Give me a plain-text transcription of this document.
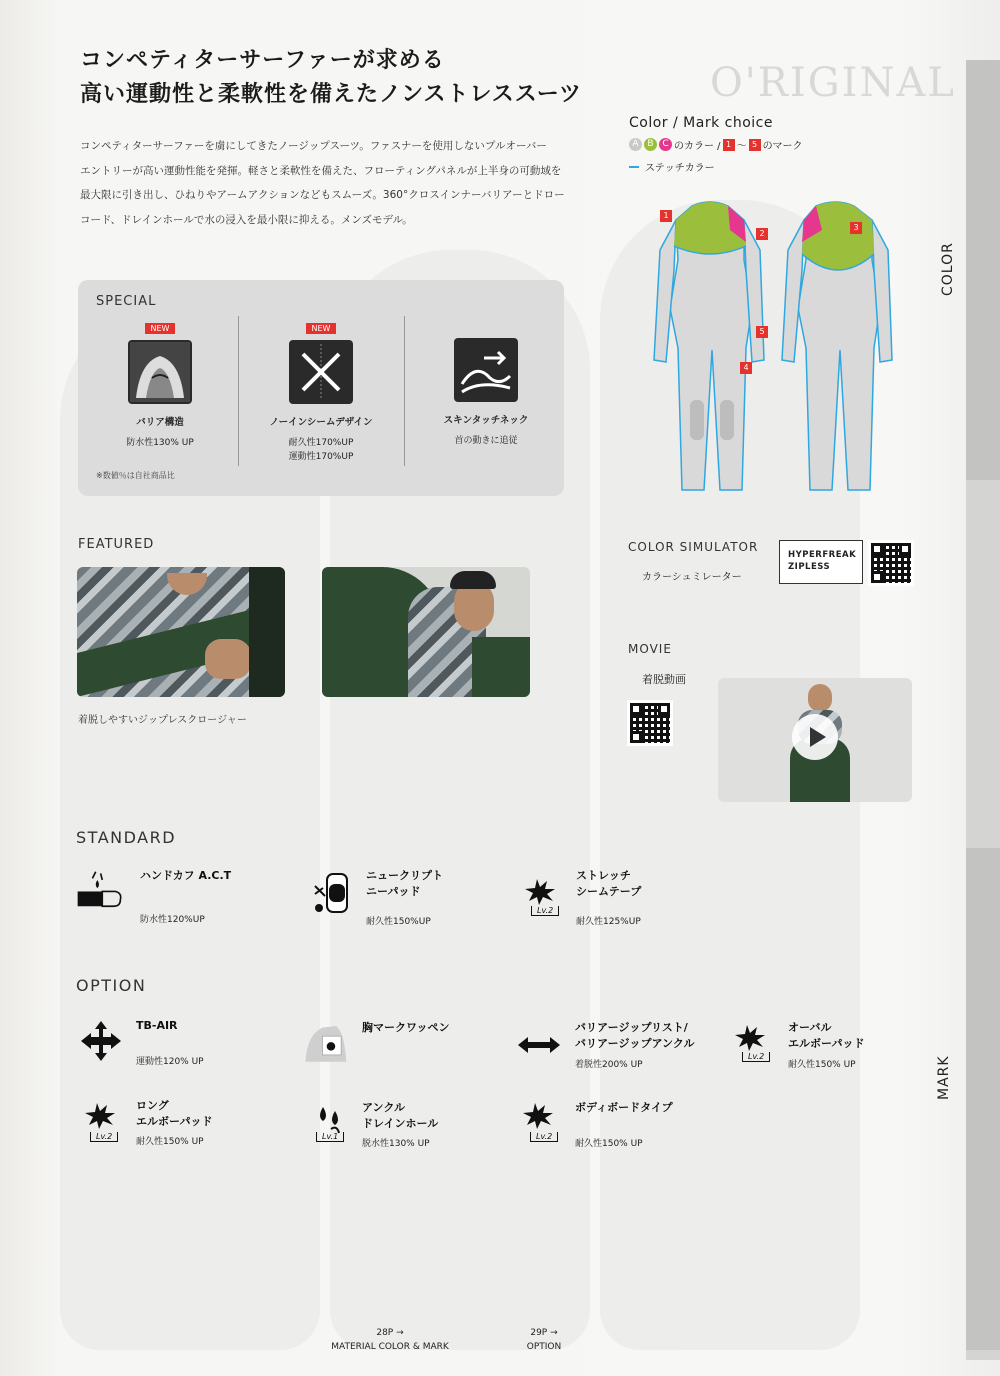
O'RIGINAL
COLOR
MARK
コンペティターサーファーが求める
高い運動性と柔軟性を備えたノンストレススーツ
コンペティターサーファーを虜にしてきたノージップスーツ。ファスナーを使用しないプルオーバー
エントリーが高い運動性能を発揮。軽さと柔軟性を備えた、フローティングパネルが上半身の可動域を
最大限に引き出し、ひねりやアームアクションなどもスムーズ。360°クロスインナーバリアーとドロー
コード、ドレインホールで水の浸入を最小限に抑える。メンズモデル。
SPECIAL
NEW
バリア構造
防水性130% UP
NEW
ノーインシームデザイン
耐久性170%UP
運動性170%UP
スキンタッチネック
首の動きに追従
※数値％は自社商品比
FEATURED
着脱しやすいジップレスクロージャー
Color / Mark choice
A B C のカラー / 1 〜 5 のマーク
ステッチカラー
1
2
5
4
3
COLOR SIMULATOR
カラーシュミレーター
HYPERFREAK
ZIPLESS
MOVIE
着脱動画
STANDARD
ハンドカフ A.C.T
防水性120%UP
ニュークリプト
ニーパッド
耐久性150%UP
Lv.2
ストレッチ
シームテープ
耐久性125%UP
OPTION
TB-AIR
運動性120% UP
胸マークワッペン	バリアージップリスト/
バリアージップアンクル
着脱性200% UP
Lv.2
オーバル
エルボーパッド
耐久性150% UP
Lv.2
ロング
エルボーパッド
耐久性150% UP
Lv.1
アンクル
ドレインホール
脱水性130% UP
Lv.2
ボディボードタイプ
耐久性150% UP
28P →
MATERIAL COLOR & MARK
29P →
OPTION
